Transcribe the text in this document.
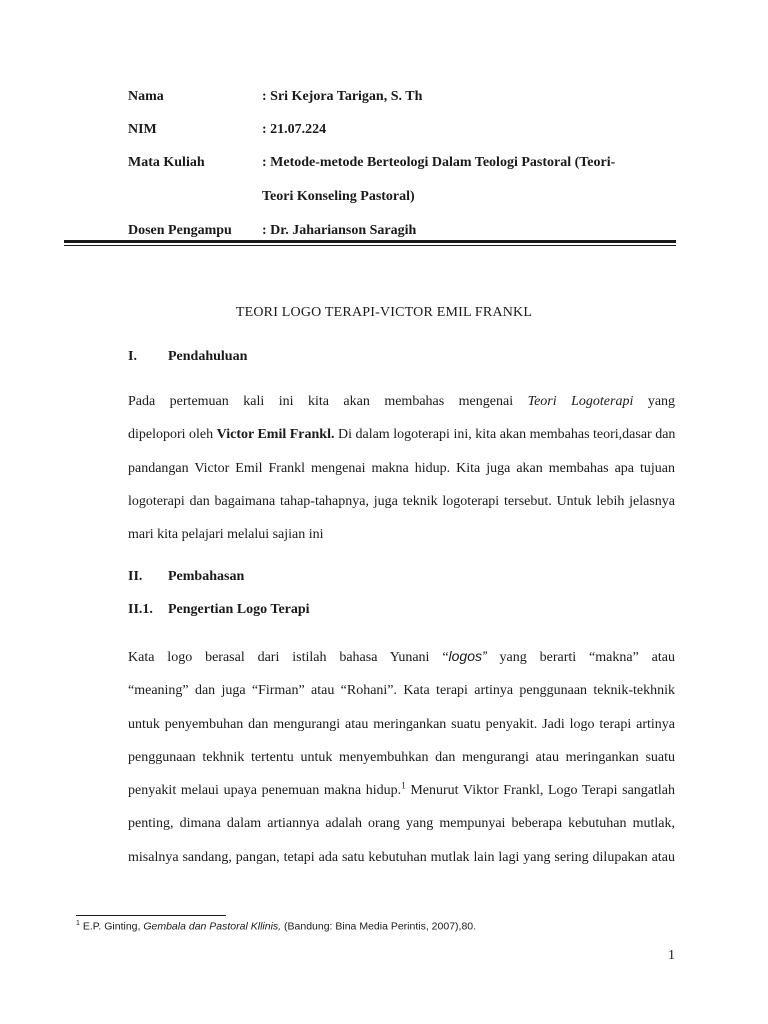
Nama	: Sri Kejora Tarigan, S. Th
NIM	: 21.07.224
Mata Kuliah	: Metode-metode Berteologi Dalam Teologi Pastoral (Teori-
Teori Konseling Pastoral)
Dosen Pengampu	: Dr. Jaharianson Saragih
TEORI LOGO TERAPI-VICTOR EMIL FRANKL
I. Pendahuluan
Pada pertemuan kali ini kita akan membahas mengenai Teori Logoterapi yang
dipelopori oleh Victor Emil Frankl. Di dalam logoterapi ini, kita akan membahas teori,dasar dan
pandangan Victor Emil Frankl mengenai makna hidup. Kita juga akan membahas apa tujuan
logoterapi dan bagaimana tahap-tahapnya, juga teknik logoterapi tersebut. Untuk lebih jelasnya
mari kita pelajari melalui sajian ini
II. Pembahasan
II.1. Pengertian Logo Terapi
Kata logo berasal dari istilah bahasa Yunani “logos” yang berarti “makna” atau
“meaning” dan juga “Firman” atau “Rohani”. Kata terapi artinya penggunaan teknik-tekhnik
untuk penyembuhan dan mengurangi atau meringankan suatu penyakit. Jadi logo terapi artinya
penggunaan tekhnik tertentu untuk menyembuhkan dan mengurangi atau meringankan suatu
penyakit melaui upaya penemuan makna hidup.$^1$ Menurut Viktor Frankl, Logo Terapi sangatlah
penting, dimana dalam artiannya adalah orang yang mempunyai beberapa kebutuhan mutlak,
misalnya sandang, pangan, tetapi ada satu kebutuhan mutlak lain lagi yang sering dilupakan atau
$^1$ E.P. Ginting, Gembala dan Pastoral Kllinis, (Bandung: Bina Media Perintis, 2007),80.
1
